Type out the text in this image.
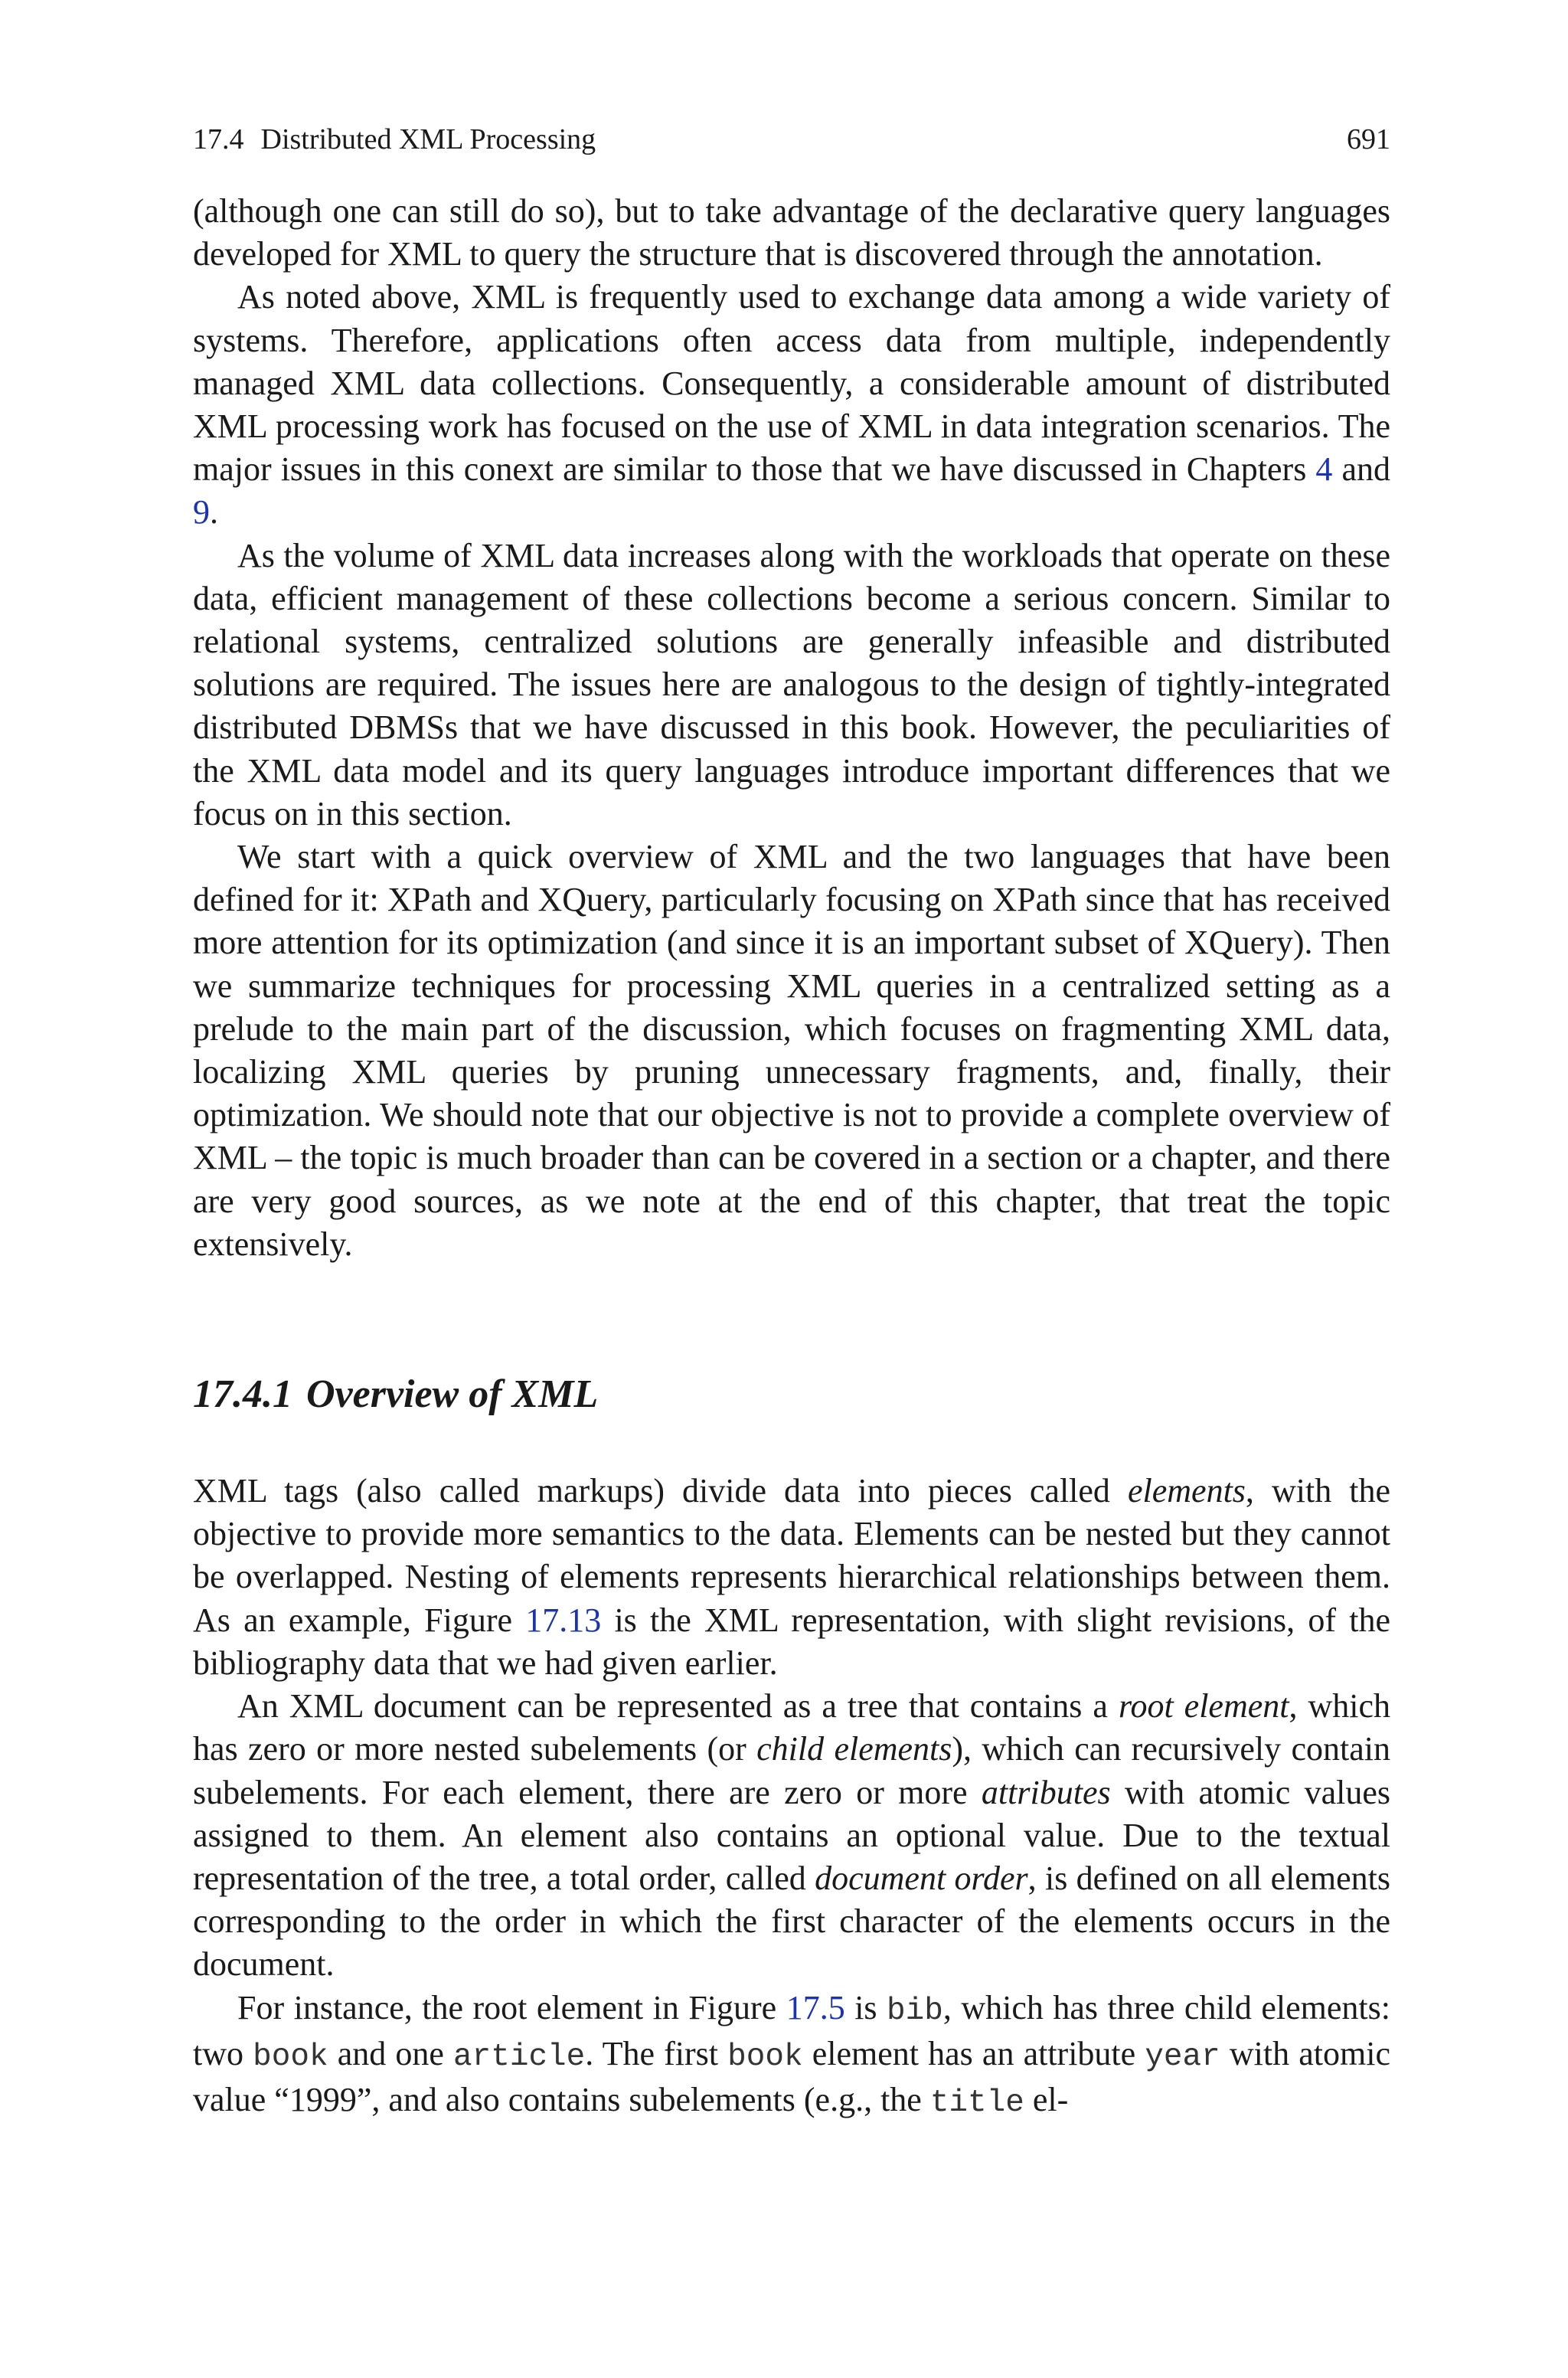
17.4 Distributed XML Processing	691

(although one can still do so), but to take advantage of the declarative query languages developed for XML to query the structure that is discovered through the annotation.

As noted above, XML is frequently used to exchange data among a wide variety of systems. Therefore, applications often access data from multiple, independently managed XML data collections. Consequently, a considerable amount of distributed XML processing work has focused on the use of XML in data integration scenarios. The major issues in this conext are similar to those that we have discussed in Chapters 4 and 9.

As the volume of XML data increases along with the workloads that operate on these data, efficient management of these collections become a serious concern. Similar to relational systems, centralized solutions are generally infeasible and distributed solutions are required. The issues here are analogous to the design of tightly-integrated distributed DBMSs that we have discussed in this book. However, the peculiarities of the XML data model and its query languages introduce important differences that we focus on in this section.

We start with a quick overview of XML and the two languages that have been defined for it: XPath and XQuery, particularly focusing on XPath since that has received more attention for its optimization (and since it is an important subset of XQuery). Then we summarize techniques for processing XML queries in a centralized setting as a prelude to the main part of the discussion, which focuses on fragmenting XML data, localizing XML queries by pruning unnecessary fragments, and, finally, their optimization. We should note that our objective is not to provide a complete overview of XML – the topic is much broader than can be covered in a section or a chapter, and there are very good sources, as we note at the end of this chapter, that treat the topic extensively.

17.4.1 Overview of XML

XML tags (also called markups) divide data into pieces called elements, with the objective to provide more semantics to the data. Elements can be nested but they cannot be overlapped. Nesting of elements represents hierarchical relationships between them. As an example, Figure 17.13 is the XML representation, with slight revisions, of the bibliography data that we had given earlier.

An XML document can be represented as a tree that contains a root element, which has zero or more nested subelements (or child elements), which can recursively contain subelements. For each element, there are zero or more attributes with atomic values assigned to them. An element also contains an optional value. Due to the textual representation of the tree, a total order, called document order, is defined on all elements corresponding to the order in which the first character of the elements occurs in the document.

For instance, the root element in Figure 17.5 is bib, which has three child elements: two book and one article. The first book element has an attribute year with atomic value “1999”, and also contains subelements (e.g., the title el-
